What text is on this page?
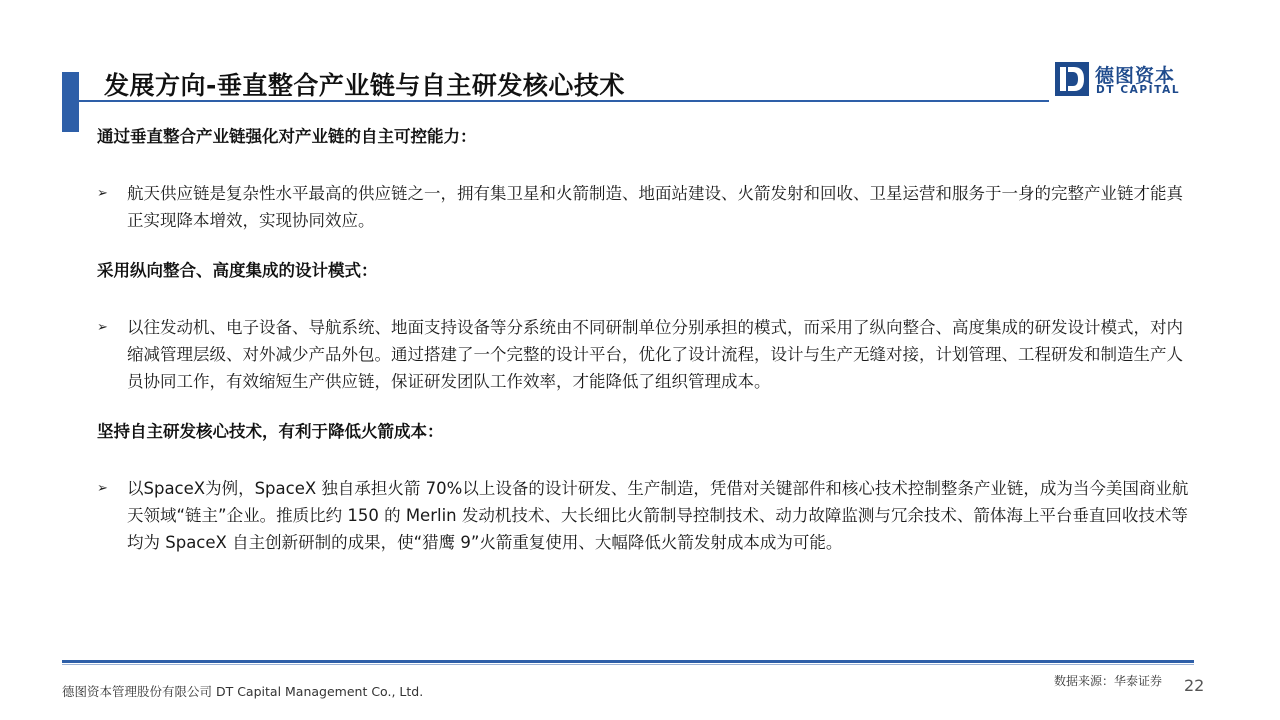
发展方向-垂直整合产业链与自主研发核心技术	德图资本
DT CAPITAL
通过垂直整合产业链强化对产业链的自主可控能力：
➢ 航天供应链是复杂性水平最高的供应链之一，拥有集卫星和火箭制造、地面站建设、火箭发射和回收、卫星运营和服务于一身的完整产业链才能真正实现降本增效，实现协同效应。
采用纵向整合、高度集成的设计模式：
➢ 以往发动机、电子设备、导航系统、地面支持设备等分系统由不同研制单位分别承担的模式，而采用了纵向整合、高度集成的研发设计模式，对内缩减管理层级、对外减少产品外包。通过搭建了一个完整的设计平台，优化了设计流程，设计与生产无缝对接，计划管理、工程研发和制造生产人员协同工作，有效缩短生产供应链，保证研发团队工作效率，才能降低了组织管理成本。
坚持自主研发核心技术，有利于降低火箭成本：
➢ 以SpaceX为例，SpaceX 独自承担火箭 70%以上设备的设计研发、生产制造，凭借对关键部件和核心技术控制整条产业链，成为当今美国商业航天领域“链主”企业。推质比约 150 的 Merlin 发动机技术、大长细比火箭制导控制技术、动力故障监测与冗余技术、箭体海上平台垂直回收技术等均为 SpaceX 自主创新研制的成果，使“猎鹰 9”火箭重复使用、大幅降低火箭发射成本成为可能。
德图资本管理股份有限公司 DT Capital Management Co., Ltd.
数据来源：华泰证券 22
